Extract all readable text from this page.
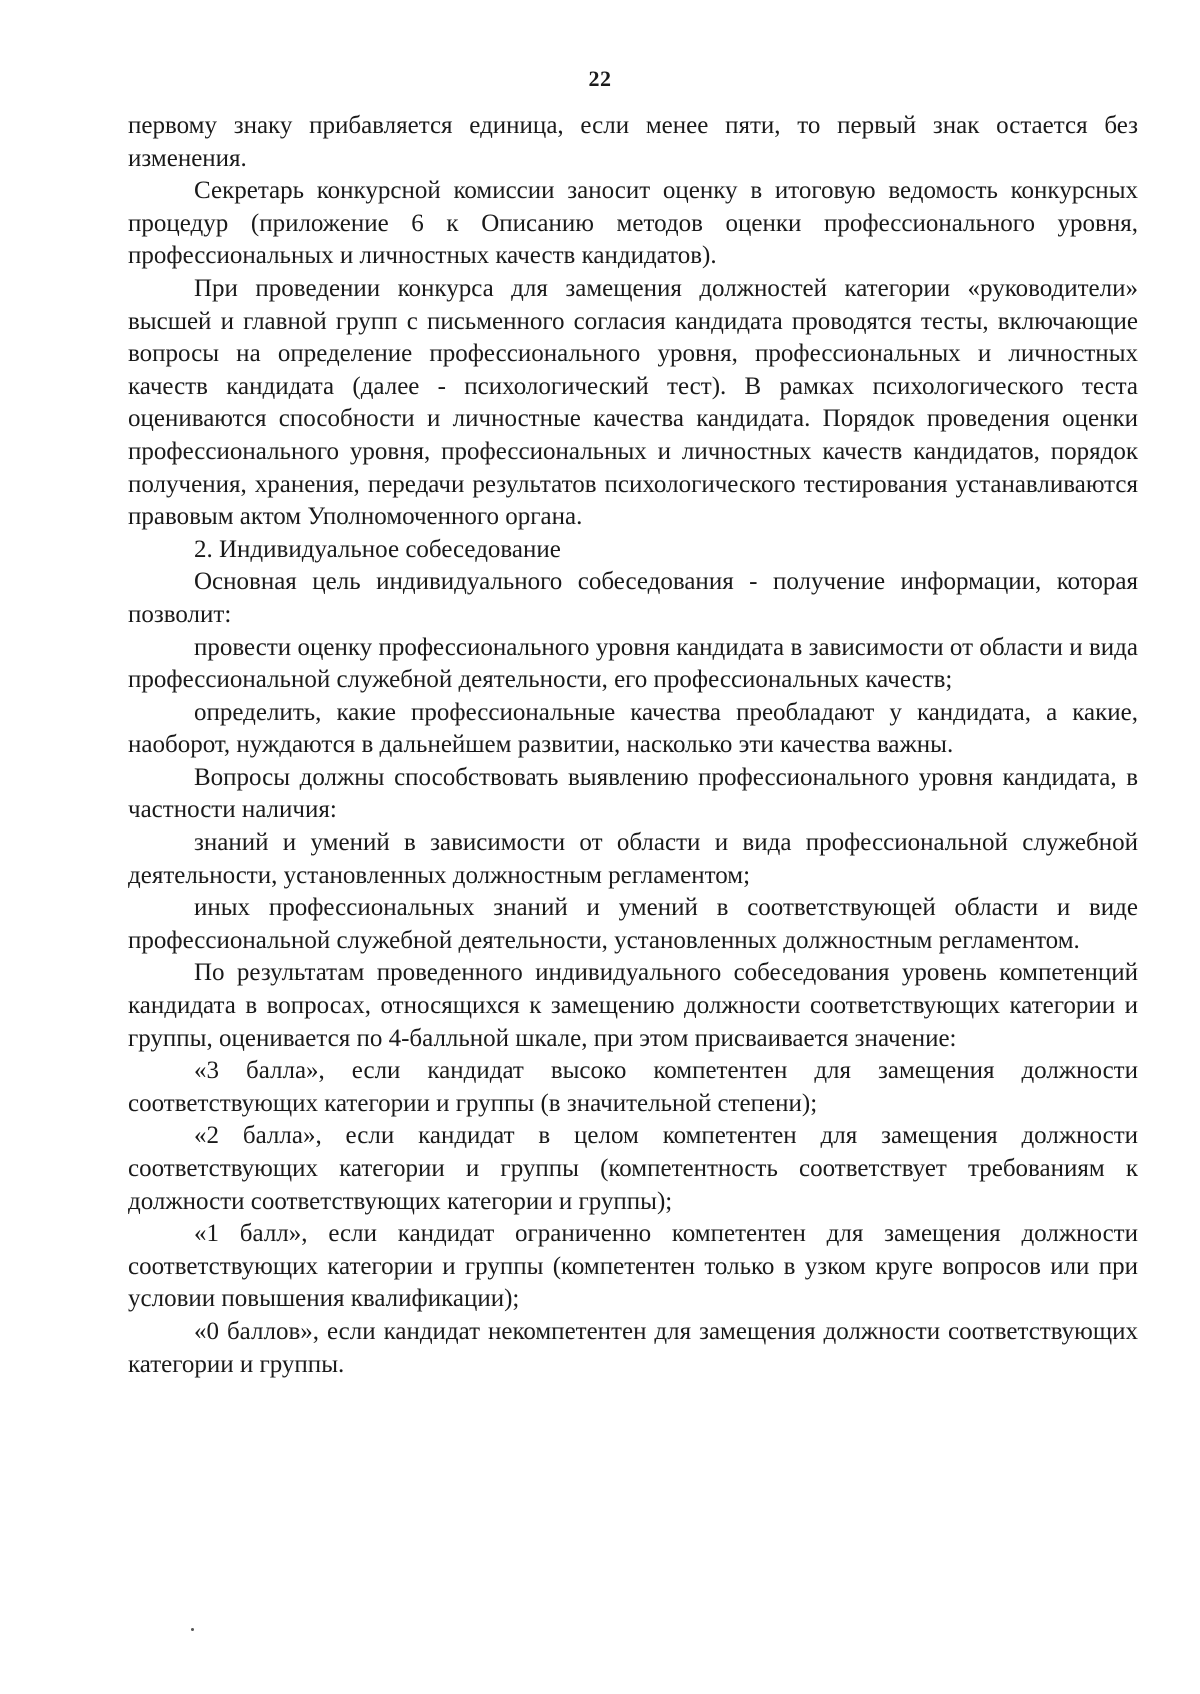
22

первому знаку прибавляется единица, если менее пяти, то первый знак остается без изменения.

Секретарь конкурсной комиссии заносит оценку в итоговую ведомость конкурсных процедур (приложение 6 к Описанию методов оценки профессионального уровня, профессиональных и личностных качеств кандидатов).

При проведении конкурса для замещения должностей категории «руководители» высшей и главной групп с письменного согласия кандидата проводятся тесты, включающие вопросы на определение профессионального уровня, профессиональных и личностных качеств кандидата (далее - психологический тест). В рамках психологического теста оцениваются способности и личностные качества кандидата. Порядок проведения оценки профессионального уровня, профессиональных и личностных качеств кандидатов, порядок получения, хранения, передачи результатов психологического тестирования устанавливаются правовым актом Уполномоченного органа.

2. Индивидуальное собеседование

Основная цель индивидуального собеседования - получение информации, которая позволит:

провести оценку профессионального уровня кандидата в зависимости от области и вида профессиональной служебной деятельности, его профессиональных качеств;

определить, какие профессиональные качества преобладают у кандидата, а какие, наоборот, нуждаются в дальнейшем развитии, насколько эти качества важны.

Вопросы должны способствовать выявлению профессионального уровня кандидата, в частности наличия:

знаний и умений в зависимости от области и вида профессиональной служебной деятельности, установленных должностным регламентом;

иных профессиональных знаний и умений в соответствующей области и виде профессиональной служебной деятельности, установленных должностным регламентом.

По результатам проведенного индивидуального собеседования уровень компетенций кандидата в вопросах, относящихся к замещению должности соответствующих категории и группы, оценивается по 4-балльной шкале, при этом присваивается значение:

«3 балла», если кандидат высоко компетентен для замещения должности соответствующих категории и группы (в значительной степени);

«2 балла», если кандидат в целом компетентен для замещения должности соответствующих категории и группы (компетентность соответствует требованиям к должности соответствующих категории и группы);

«1 балл», если кандидат ограниченно компетентен для замещения должности соответствующих категории и группы (компетентен только в узком круге вопросов или при условии повышения квалификации);

«0 баллов», если кандидат некомпетентен для замещения должности соответствующих категории и группы.
